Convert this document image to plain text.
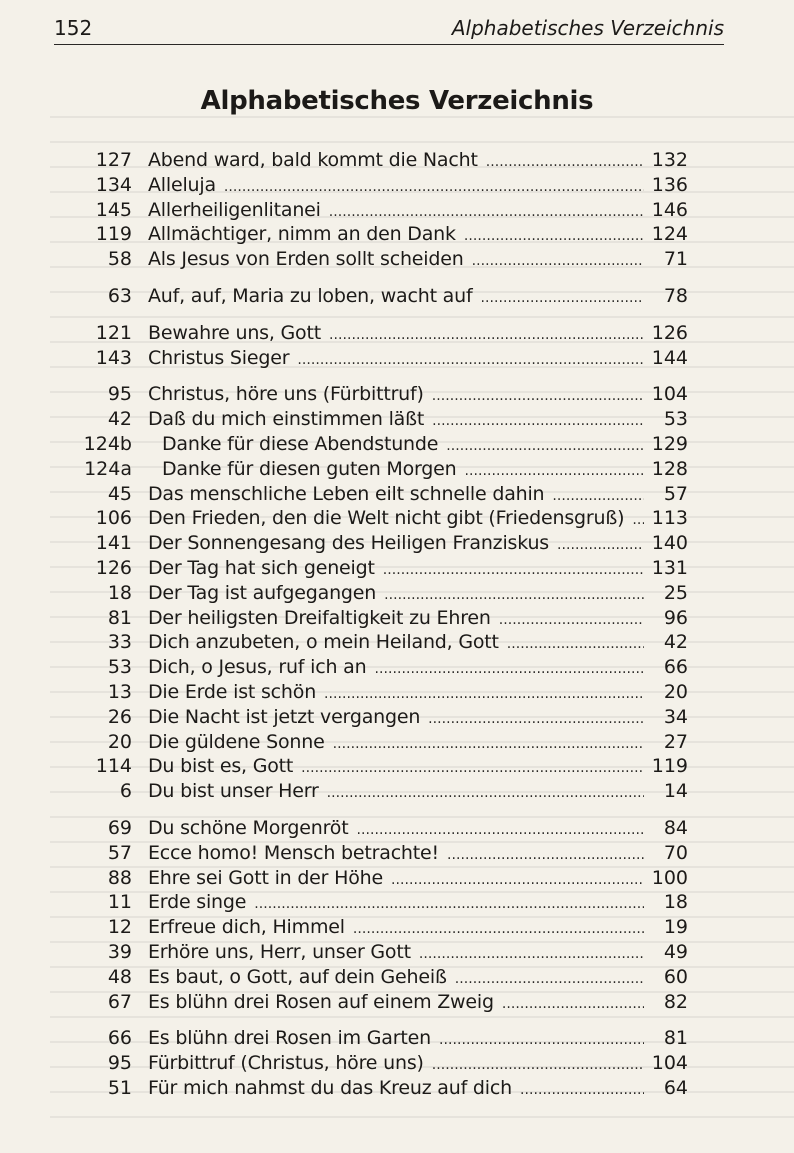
152	Alphabetisches Verzeichnis
Alphabetisches Verzeichnis
127 Abend ward, bald kommt die Nacht . . .	132
134 Alleluja . . .	136
145 Allerheiligenlitanei . . .	146
119 Allmächtiger, nimm an den Dank . . .	124
58 Als Jesus von Erden sollt scheiden . . .	71
63 Auf, auf, Maria zu loben, wacht auf . . .	78
121 Bewahre uns, Gott . . .	126
143 Christus Sieger . . .	144
95 Christus, höre uns (Fürbittruf) . . .	104
42 Daß du mich einstimmen läßt . . .	53
124b Danke für diese Abendstunde . . .	129
124a Danke für diesen guten Morgen . . .	128
45 Das menschliche Leben eilt schnelle dahin . . .	57
106 Den Frieden, den die Welt nicht gibt (Friedensgruß) . . . 113
141 Der Sonnengesang des Heiligen Franziskus . . .	140
126 Der Tag hat sich geneigt . . .	131
18 Der Tag ist aufgegangen . . .	25
81 Der heiligsten Dreifaltigkeit zu Ehren . . .	96
33 Dich anzubeten, o mein Heiland, Gott . . .	42
53 Dich, o Jesus, ruf ich an . . .	66
13 Die Erde ist schön . . .	20
26 Die Nacht ist jetzt vergangen . . .	34
20 Die güldene Sonne . . .	27
114 Du bist es, Gott . . .	119
6 Du bist unser Herr . . .	14
69 Du schöne Morgenröt . . .	84
57 Ecce homo! Mensch betrachte! . . .	70
88 Ehre sei Gott in der Höhe . . .	100
11 Erde singe . . .	18
12 Erfreue dich, Himmel . . .	19
39 Erhöre uns, Herr, unser Gott . . .	49
48 Es baut, o Gott, auf dein Geheiß . . .	60
67 Es blühn drei Rosen auf einem Zweig . . .	82
66 Es blühn drei Rosen im Garten . . .	81
95 Fürbittruf (Christus, höre uns) . . .	104
51 Für mich nahmst du das Kreuz auf dich . . .	64
